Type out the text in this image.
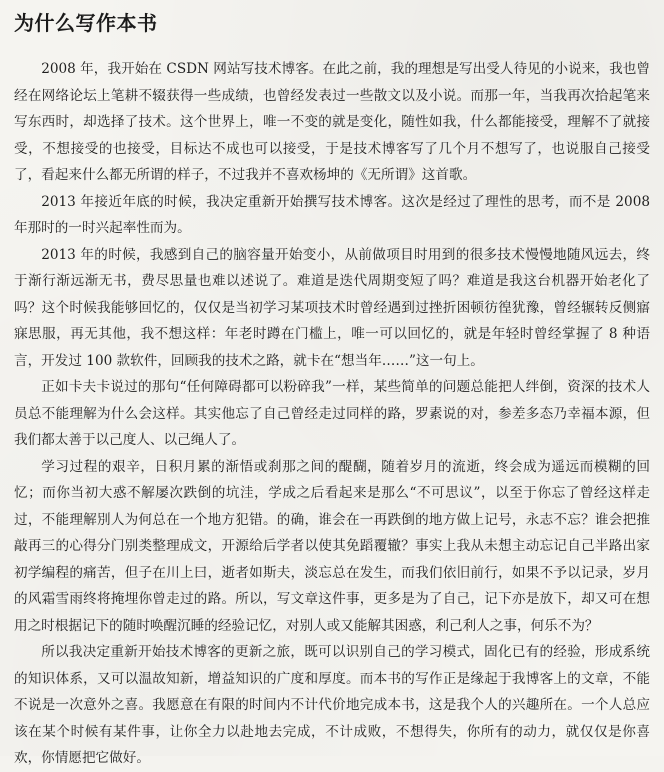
为什么写作本书

2008 年，我开始在 CSDN 网站写技术博客。在此之前，我的理想是写出受人待见的小说来，我也曾经在网络论坛上笔耕不辍获得一些成绩，也曾经发表过一些散文以及小说。而那一年，当我再次拾起笔来写东西时，却选择了技术。这个世界上，唯一不变的就是变化，随性如我，什么都能接受，理解不了就接受，不想接受的也接受，目标达不成也可以接受，于是技术博客写了几个月不想写了，也说服自己接受了，看起来什么都无所谓的样子，不过我并不喜欢杨坤的《无所谓》这首歌。

2013 年接近年底的时候，我决定重新开始撰写技术博客。这次是经过了理性的思考，而不是 2008 年那时的一时兴起率性而为。

2013 年的时候，我感到自己的脑容量开始变小，从前做项目时用到的很多技术慢慢地随风远去，终于渐行渐远渐无书，费尽思量也难以述说了。难道是迭代周期变短了吗？难道是我这台机器开始老化了吗？这个时候我能够回忆的，仅仅是当初学习某项技术时曾经遇到过挫折困顿彷徨犹豫，曾经辗转反侧寤寐思服，再无其他，我不想这样：年老时蹲在门槛上，唯一可以回忆的，就是年轻时曾经掌握了 8 种语言，开发过 100 款软件，回顾我的技术之路，就卡在“想当年……”这一句上。

正如卡夫卡说过的那句“任何障碍都可以粉碎我”一样，某些简单的问题总能把人绊倒，资深的技术人员总不能理解为什么会这样。其实他忘了自己曾经走过同样的路，罗素说的对，参差多态乃幸福本源，但我们都太善于以己度人、以己绳人了。

学习过程的艰辛，日积月累的渐悟或刹那之间的醍醐，随着岁月的流逝，终会成为遥远而模糊的回忆；而你当初大惑不解屡次跌倒的坑洼，学成之后看起来是那么“不可思议”，以至于你忘了曾经这样走过，不能理解別人为何总在一个地方犯错。的确，谁会在一再跌倒的地方做上记号，永志不忘？谁会把推敲再三的心得分门别类整理成文，开源给后学者以使其免蹈覆辙？事实上我从未想主动忘记自己半路出家初学编程的痛苦，但子在川上曰，逝者如斯夫，淡忘总在发生，而我们依旧前行，如果不予以记录，岁月的风霜雪雨终将掩埋你曾走过的路。所以，写文章这件事，更多是为了自己，记下亦是放下，却又可在想用之时根据记下的随时唤醒沉睡的经验记忆，对别人或又能解其困惑，利己利人之事，何乐不为？

所以我决定重新开始技术博客的更新之旅，既可以识别自己的学习模式，固化已有的经验，形成系统的知识体系，又可以温故知新，增益知识的广度和厚度。而本书的写作正是缘起于我博客上的文章，不能不说是一次意外之喜。我愿意在有限的时间内不计代价地完成本书，这是我个人的兴趣所在。一个人总应该在某个时候有某件事，让你全力以赴地去完成，不计成败，不想得失，你所有的动力，就仅仅是你喜欢，你情愿把它做好。
